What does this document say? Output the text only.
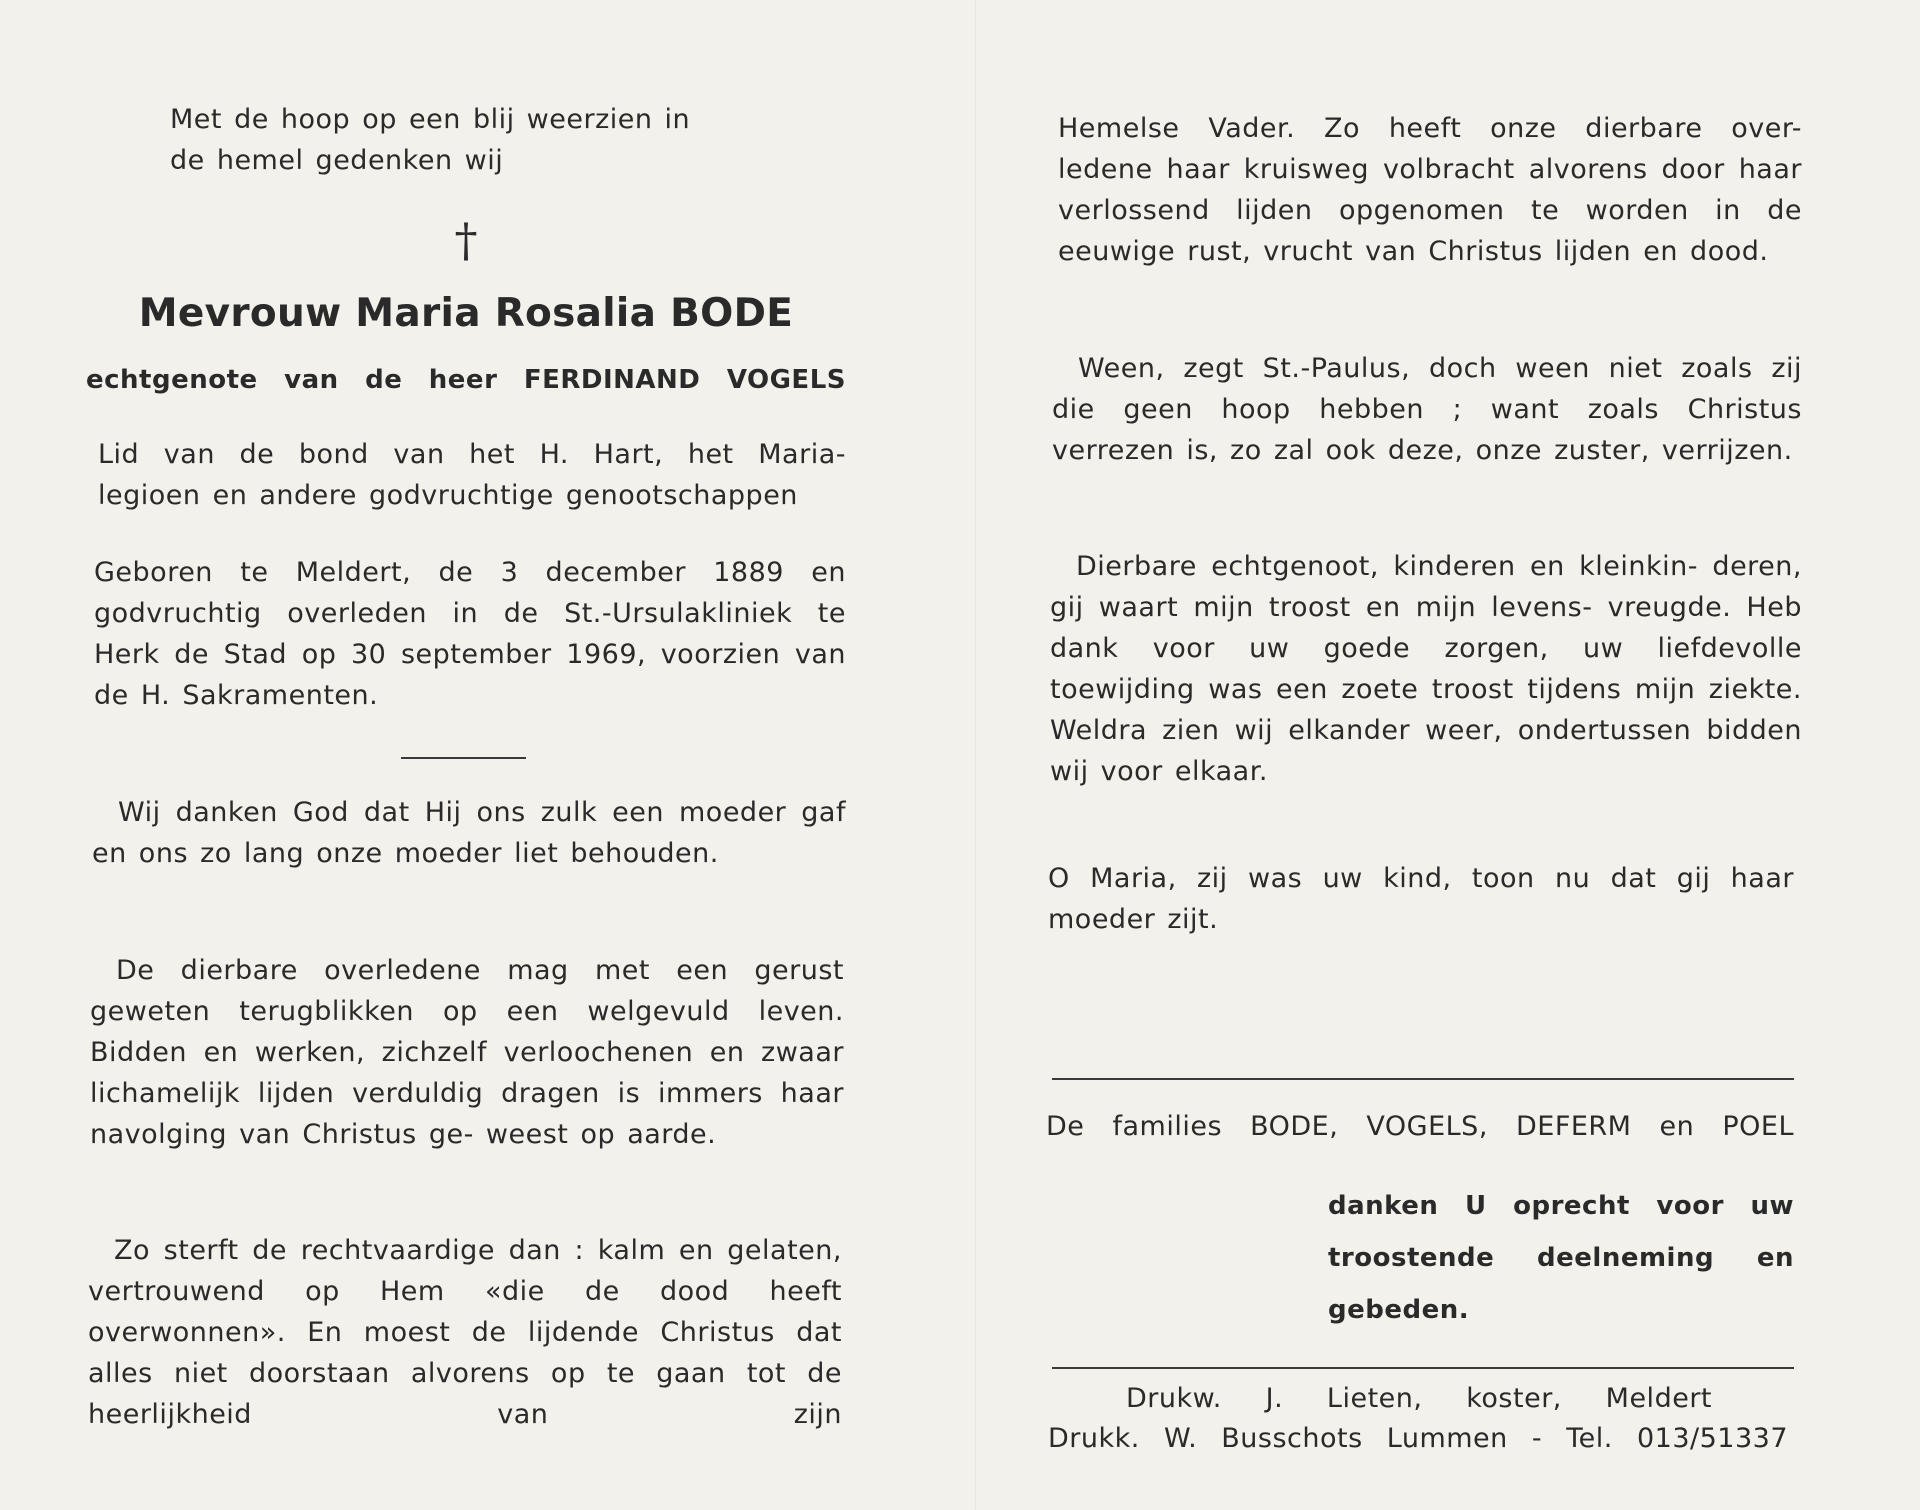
Met de hoop op een blij weerzien in

de hemel gedenken wij

†
Mevrouw Maria Rosalia BODE
echtgenote van de heer FERDINAND VOGELS

Lid van de bond van het H. Hart, het Maria- legioen en andere godvruchtige genootschappen

Geboren te Meldert, de 3 december 1889 en godvruchtig overleden in de St.-Ursulakliniek te Herk de Stad op 30 september 1969, voorzien van de H. Sakramenten.

Wij danken God dat Hij ons zulk een moeder gaf en ons zo lang onze moeder liet behouden.

De dierbare overledene mag met een gerust geweten terugblikken op een welgevuld leven. Bidden en werken, zichzelf verloochenen en zwaar lichamelijk lijden verduldig dragen is immers haar navolging van Christus ge- weest op aarde.

Zo sterft de rechtvaardige dan : kalm en gelaten, vertrouwend op Hem «die de dood heeft overwonnen». En moest de lijdende Christus dat alles niet doorstaan alvorens op te gaan tot de heerlijkheid van zijn

Hemelse Vader. Zo heeft onze dierbare over- ledene haar kruisweg volbracht alvorens door haar verlossend lijden opgenomen te worden in de eeuwige rust, vrucht van Christus lijden en dood.

Ween, zegt St.-Paulus, doch ween niet zoals zij die geen hoop hebben ; want zoals Christus verrezen is, zo zal ook deze, onze zuster, verrijzen.

Dierbare echtgenoot, kinderen en kleinkin- deren, gij waart mijn troost en mijn levens- vreugde. Heb dank voor uw goede zorgen, uw liefdevolle toewijding was een zoete troost tijdens mijn ziekte. Weldra zien wij elkander weer, ondertussen bidden wij voor elkaar.

O Maria, zij was uw kind, toon nu dat gij haar moeder zijt.

De families BODE, VOGELS, DEFERM en POEL

danken U oprecht voor uw troostende deelneming en gebeden.

Drukw. J. Lieten, koster, Meldert

Drukk. W. Busschots Lummen - Tel. 013/51337
